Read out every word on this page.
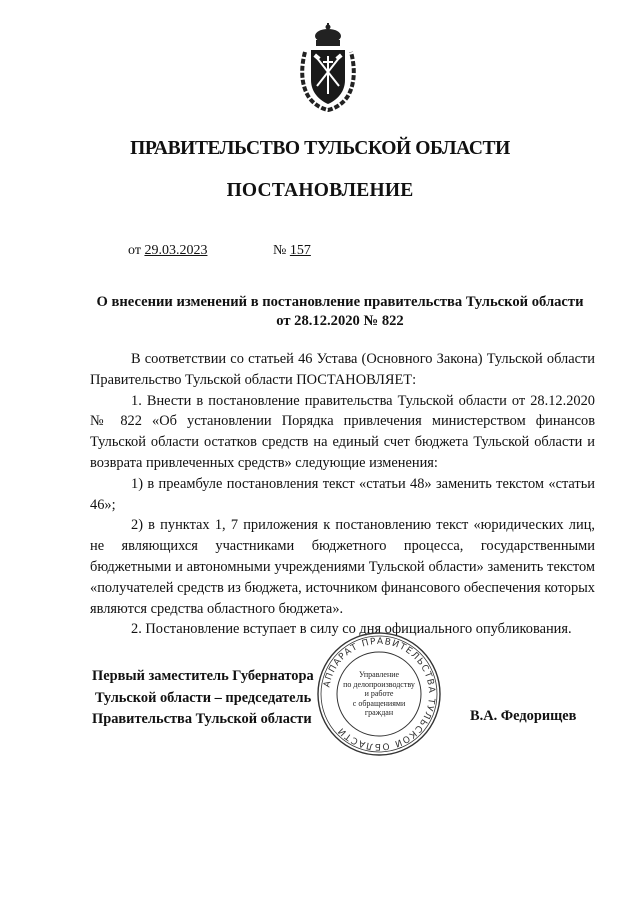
ПРАВИТЕЛЬСТВО ТУЛЬСКОЙ ОБЛАСТИ
ПОСТАНОВЛЕНИЕ
от 29.03.2023	№ 157
О внесении изменений в постановление правительства Тульской области
от 28.12.2020 № 822

В соответствии со статьей 46 Устава (Основного Закона) Тульской области Правительство Тульской области ПОСТАНОВЛЯЕТ:

1. Внести в постановление правительства Тульской области от 28.12.2020 № 822 «Об установлении Порядка привлечения министерством финансов Тульской области остатков средств на единый счет бюджета Тульской области и возврата привлеченных средств» следующие изменения:

1) в преамбуле постановления текст «статьи 48» заменить текстом «статьи 46»;

2) в пунктах 1, 7 приложения к постановлению текст «юридических лиц, не являющихся участниками бюджетного процесса, государственными бюджетными и автономными учреждениями Тульской области» заменить текстом «получателей средств из бюджета, источником финансового обеспечения которых являются средства областного бюджета».

2. Постановление вступает в силу со дня официального опубликования.

Первый заместитель Губернатора
Тульской области – председатель
Правительства Тульской области	В.А. Федорищев
АППАРАТ ПРАВИТЕЛЬСТВА ТУЛЬСКОЙ ОБЛАСТИ
Управление
по делопроизводству
и работе
с обращениями
граждан
